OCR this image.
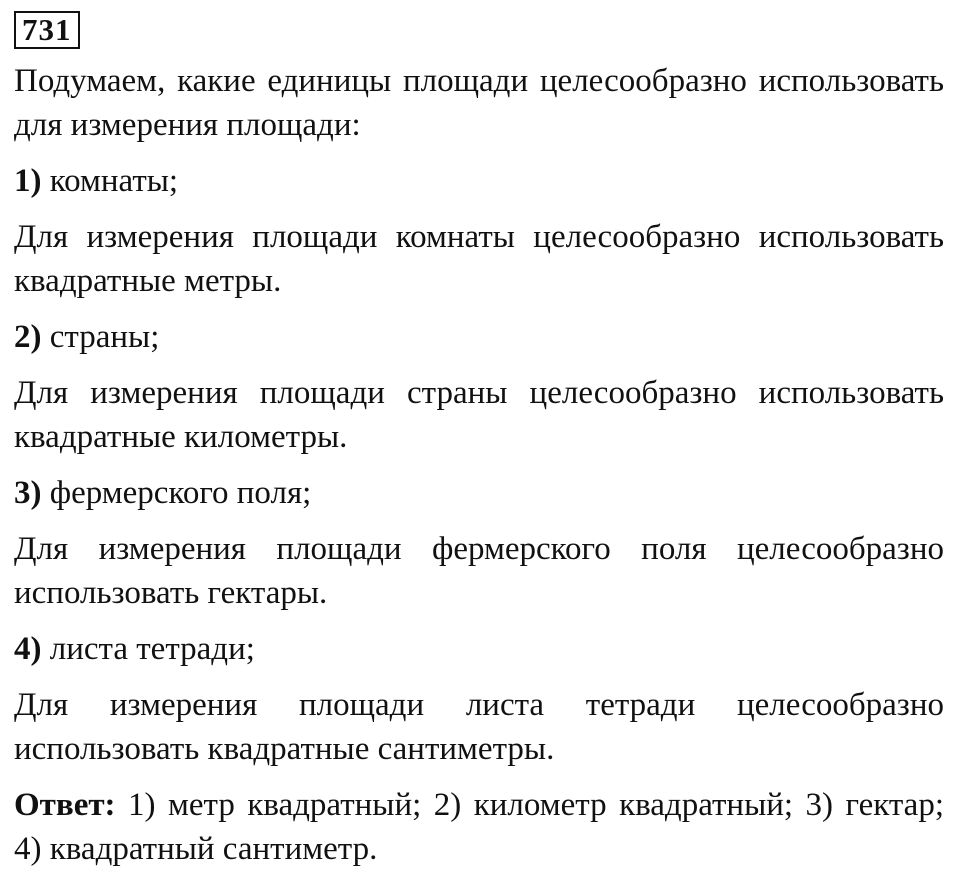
731

Подумаем, какие единицы площади целесообразно использовать для измерения площади:

1) комнаты;

Для измерения площади комнаты целесообразно использовать квадратные метры.

2) страны;

Для измерения площади страны целесообразно использовать квадратные километры.

3) фермерского поля;

Для измерения площади фермерского поля целесообразно использовать гектары.

4) листа тетради;

Для измерения площади листа тетради целесообразно использовать квадратные сантиметры.

Ответ: 1) метр квадратный; 2) километр квадратный; 3) гектар; 4) квадратный сантиметр.
